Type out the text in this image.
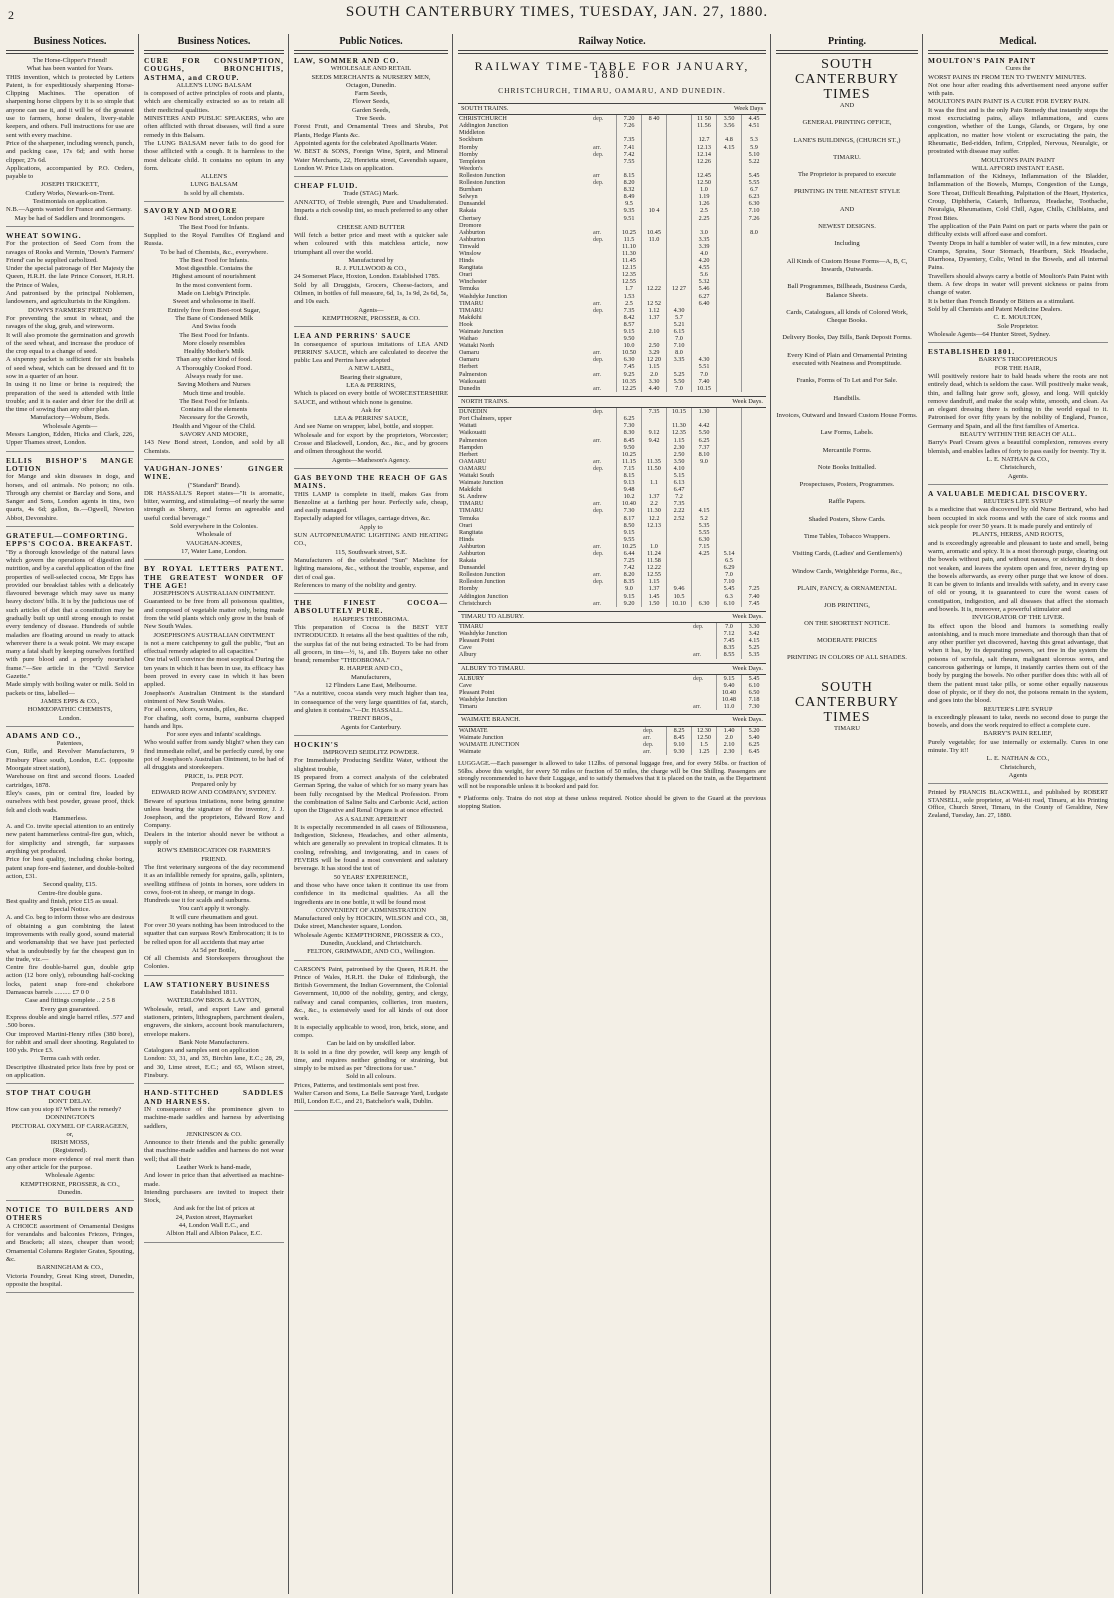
2	SOUTH CANTERBURY TIMES, TUESDAY, JAN. 27, 1880.
Business Notices.

The Horse-Clipper's Friend!

What has been wanted for Years.

THIS invention, which is protected by Letters Patent, is for expeditiously sharpening Horse-Clipping Machines. The operation of sharpening horse clippers by it is so simple that anyone can use it, and it will be of the greatest use to farmers, horse dealers, livery-stable keepers, and others. Full instructions for use are sent with every machine.

Price of the sharpener, including wrench, punch, and packing case, 17s 6d; and with horse clipper, 27s 6d.

Applications, accompanied by P.O. Orders, payable to

JOSEPH TRICKETT,

Cutlery Works, Newark-on-Trent.

Testimonials on application.

N.B.—Agents wanted for France and Germany.

May be had of Saddlers and Ironmongers.

WHEAT SOWING.

For the protection of Seed Corn from the ravages of Rooks and Vermin, 'Down's Farmers' Friend' can be supplied carbolized.

Under the special patronage of Her Majesty the Queen, H.R.H. the late Prince Consort, H.R.H. the Prince of Wales,

And patronised by the principal Noblemen, landowners, and agriculturists in the Kingdom.

DOWN'S FARMERS' FRIEND

For preventing the smut in wheat, and the ravages of the slug, grub, and wireworm.

It will also promote the germination and growth of the seed wheat, and increase the produce of the crop equal to a change of seed.

A sixpenny packet is sufficient for six bushels of seed wheat, which can be dressed and fit to sow in a quarter of an hour.

In using it no lime or brine is required; the preparation of the seed is attended with little trouble; and it is easier and drier for the drill at the time of sowing than any other plan.

Manufactory—Wobum, Beds.

Wholesale Agents—

Messrs Langton, Edden, Hicks and Clark, 226, Upper Thames street, London.

ELLIS BISHOP'S MANGE LOTION

for Mange and skin diseases in dogs, and horses, and oil animals. No poison; no oils. Through any chemist or Barclay and Sons, and Sanger and Sons, London agents in tins, two quarts, 4s 6d; gallon, 8s.—Ogwell, Newton Abbot, Devonshire.

GRATEFUL—COMFORTING. EPPS'S COCOA. BREAKFAST.

"By a thorough knowledge of the natural laws which govern the operations of digestion and nutrition, and by a careful application of the fine properties of well-selected cocoa, Mr Epps has provided our breakfast tables with a delicately flavoured beverage which may save us many heavy doctors' bills. It is by the judicious use of such articles of diet that a constitution may be gradually built up until strong enough to resist every tendency of disease. Hundreds of subtle maladies are floating around us ready to attack wherever there is a weak point. We may escape many a fatal shaft by keeping ourselves fortified with pure blood and a properly nourished frame."—See article in the "Civil Service Gazette."

Made simply with boiling water or milk. Sold in packets or tins, labelled—

JAMES EPPS & CO.,

HOMŒOPATHIC CHEMISTS,

London.

ADAMS AND CO.,

Patentees,

Gun, Rifle, and Revolver Manufacturers, 9 Finsbury Place south, London, E.C. (opposite Moorgate street station),

Warehouse on first and second floors. Loaded cartridges, 1878.

Eley's cases, pin or central fire, loaded by ourselves with best powder, grease proof, thick felt and cloth wads.

Hammerless.

A. and Co. invite special attention to an entirely new patent hammerless central-fire gun, which, for simplicity and strength, far surpasses anything yet produced.

Price for best quality, including choke boring, patent snap fore-end fastener, and double-bolted action, £31.

Second quality, £15.

Centre-fire double guns.

Best quality and finish, price £15 as usual.

Special Notice.

A. and Co. beg to inform those who are desirous of obtaining a gun combining the latest improvements with really good, sound material and workmanship that we have just perfected what is undoubtedly by far the cheapest gun in the trade, viz.—

Centre fire double-barrel gun, double grip action (12 bore only), rebounding half-cocking locks, patent snap fore-end chokebore Damascus barrels .......... £7 0 0

Case and fittings complete .. 2 5 8

Every gun guaranteed.

Express double and single barrel rifles, .577 and .500 bores.

Our improved Martini-Henry rifles (380 bore), for rabbit and small deer shooting. Regulated to 100 yds. Price £3.

Terms cash with order.

Descriptive illustrated price lists free by post or on application.

STOP THAT COUGH

DON'T DELAY.

How can you stop it? Where is the remedy?

DONNINGTON'S

PECTORAL OXYMEL OF CARRAGEEN,

or,

IRISH MOSS,

(Registered).

Can produce more evidence of real merit than any other article for the purpose.

Wholesale Agents:

KEMPTHORNE, PROSSER, & CO.,

Dunedin.

NOTICE TO BUILDERS AND OTHERS

A CHOICE assortment of Ornamental Designs for verandahs and balconies Friezes, Fringes, and Brackets; all sizes, cheaper than wood; Ornamental Columns Register Grates, Spouting, &c.

BARNINGHAM & CO.,

Victoria Foundry, Great King street, Dunedin, opposite the hospital.

Business Notices.

CURE FOR CONSUMPTION, COUGHS, BRONCHITIS, ASTHMA, and CROUP.

ALLEN'S LUNG BALSAM

is composed of active principles of roots and plants, which are chemically extracted so as to retain all their medicinal qualities.

MINISTERS AND PUBLIC SPEAKERS, who are often afflicted with throat diseases, will find a sure remedy in this Balsam.

The LUNG BALSAM never fails to do good for those afflicted with a cough. It is harmless to the most delicate child. It contains no opium in any form.

ALLEN'S

LUNG BALSAM

Is sold by all chemists.

SAVORY AND MOORE

143 New Bond street, London prepare

The Best Food for Infants.

Supplied to the Royal Families Of England and Russia.

To be had of Chemists, &c., everywhere.

The Best Food for Infants.

Most digestible. Contains the

Highest amount of nourishment

In the most convenient form.

Made on Liebig's Principle.

Sweet and wholesome in itself.

Entirely free from Beet-root Sugar,

The Bane of Condensed Milk

And Swiss foods

The Best Food for Infants.

More closely resembles

Healthy Mother's Milk

Than any other kind of food.

A Thoroughly Cooked Food.

Always ready for use.

Saving Mothers and Nurses

Much time and trouble.

The Best Food for Infants.

Contains all the elements

Necessary for the Growth,

Health and Vigour of the Child.

SAVORY AND MOORE,

143 New Bond street, London, and sold by all Chemists.

VAUGHAN-JONES' GINGER WINE.

("Standard" Brand).

DR HASSALL'S Report states—"It is aromatic, bitter, warming, and stimulating—of nearly the same strength as Sherry, and forms an agreeable and useful cordial beverage."

Sold everywhere in the Colonies.

Wholesale of

VAUGHAN-JONES,

17, Water Lane, London.

BY ROYAL LETTERS PATENT. THE GREATEST WONDER OF THE AGE!

JOSEPHSON'S AUSTRALIAN OINTMENT.

Guaranteed to be free from all poisonous qualities, and composed of vegetable matter only, being made from the wild plants which only grow in the bush of New South Wales.

JOSEPHSON'S AUSTRALIAN OINTMENT

is not a mere catchpenny to gull the public, "but an effectual remedy adapted to all capacities."

One trial will convince the most sceptical During the ten years in which it has been in use, its efficacy has been proved in every case in which it has been applied.

Josephson's Australian Ointment is the standard ointment of New South Wales.

For all sores, ulcers, wounds, piles, &c.

For chafing, soft corns, burns, sunburns chapped hands and lips.

For sore eyes and infants' scaldings.

Who would suffer from sandy blight? when they can find immediate relief, and be perfectly cured, by one pot of Josephson's Australian Ointment, to be had of all druggists and storekeepers.

PRICE, 1s. PER POT.

Prepared only by

EDWARD ROW AND COMPANY, SYDNEY.

Beware of spurious imitations, none being genuine unless bearing the signature of the inventor, J. J. Josephson, and the proprietors, Edward Row and Company.

Dealers in the interior should never be without a supply of

ROW'S EMBROCATION OR FARMER'S FRIEND.

The first veterinary surgeons of the day recommend it as an infallible remedy for sprains, galls, splinters, swelling stiffness of joints in horses, sore udders in cows, foot-rot in sheep, or mange in dogs.

Hundreds use it for scalds and sunburns.

You can't apply it wrongly.

It will cure rheumatism and gout.

For over 30 years nothing has been introduced to the squatter that can surpass Row's Embrocation; it is to be relied upon for all accidents that may arise

At 5d per Bottle,

Of all Chemists and Storekeepers throughout the Colonies.

LAW STATIONERY BUSINESS

Established 1811.

WATERLOW BROS. & LAYTON,

Wholesale, retail, and export Law and general stationers, printers, lithographers, parchment dealers, engravers, die sinkers, account book manufacturers, envelope makers.

Bank Note Manufacturers.

Catalogues and samples sent on application

London: 33, 31, and 35, Birchin lane, E.C.; 28, 29, and 30, Lime street, E.C.; and 65, Wilson street, Finsbury.

HAND-STITCHED SADDLES AND HARNESS.

IN consequence of the prominence given to machine-made saddles and harness by advertising saddlers,

JENKINSON & CO.

Announce to their friends and the public generally that machine-made saddles and harness do not wear well; that all their

Leather Work is hand-made,

And lower in price than that advertised as machine-made.

Intending purchasers are invited to inspect their Stock,

And ask for the list of prices at

24, Paxton street, Haymarket

44, London Wall E.C., and

Albion Hall and Albion Palace, E.C.

Public Notices.

LAW, SOMMER AND CO.

WHOLESALE AND RETAIL

SEEDS MERCHANTS & NURSERY MEN,

Octagon, Dunedin.

Farm Seeds,

Flower Seeds,

Garden Seeds,

Tree Seeds.

Forest Fruit, and Ornamental Trees and Shrubs, Pot Plants, Hedge Plants &c.

Appointed agents for the celebrated Apollinaris Water.

W. BEST & SONS, Foreign Wine, Spirit, and Mineral Water Merchants, 22, Henrietta street, Cavendish square, London W. Price Lists on application.

CHEAP FLUID.

Trade (STAG) Mark.

ANNATTO, of Treble strength, Pure and Unadulterated. Imparts a rich cowslip tint, so much preferred to any other fluid.

CHEESE AND BUTTER

Will fetch a better price and meet with a quicker sale when coloured with this matchless article, now triumphant all over the world.

Manufactured by

R. J. FULLWOOD & CO.,

24 Somerset Place, Hoxton, London. Established 1785.

Sold by all Druggists, Grocers, Cheese-factors, and Oilmen, in bottles of full measure, 6d, 1s, 1s 9d, 2s 6d, 5s, and 10s each.

Agents—

KEMPTHORNE, PROSSER, & CO.

LEA AND PERRINS' SAUCE

In consequence of spurious imitations of LEA AND PERRINS' SAUCE, which are calculated to deceive the public Lea and Perrins have adopted

A NEW LABEL,

Bearing their signature,

LEA & PERRINS,

Which is placed on every bottle of WORCESTERSHIRE SAUCE, and without which none is genuine.

Ask for

LEA & PERRINS' SAUCE,

And see Name on wrapper, label, bottle, and stopper.

Wholesale and for export by the proprietors, Worcester; Crosse and Blackwell, London, &c., &c., and by grocers and oilmen throughout the world.

Agents—Matheson's Agency.

GAS BEYOND THE REACH OF GAS MAINS.

THIS LAMP is complete in itself, makes Gas from Benzoline at a farthing per hour. Perfectly safe, cheap, and easily managed.

Especially adapted for villages, carriage drives, &c.

Apply to

SUN AUTOPNEUMATIC LIGHTING AND HEATING CO.,

115, Southwark street, S.E.

Manufacturers of the celebrated "Sun" Machine for lighting mansions, &c., without the trouble, expense, and dirt of coal gas.

References to many of the nobility and gentry.

THE FINEST COCOA—ABSOLUTELY PURE.

HARPER'S THEOBROMA.

This preparation of Cocoa is the BEST YET INTRODUCED. It retains all the best qualities of the nib, the surplus fat of the nut being extracted. To be had from all grocers, in tins—½, ¼, and 1lb. Buyers take no other brand; remember "THEOBROMA."

R. HARPER AND CO.,

Manufacturers,

12 Flinders Lane East, Melbourne.

"As a nutritive, cocoa stands very much higher than tea, in consequence of the very large quantities of fat, starch, and gluten it contains."—Dr. HASSALL.

TRENT BROS.,

Agents for Canterbury.

HOCKIN'S

IMPROVED SEIDLITZ POWDER.

For Immediately Producing Seidlitz Water, without the slightest trouble,

IS prepared from a correct analysis of the celebrated German Spring, the value of which for so many years has been fully recognised by the Medical Profession. From the combination of Saline Salts and Carbonic Acid, action upon the Digestive and Renal Organs is at once effected.

AS A SALINE APERIENT

It is especially recommended in all cases of Biliousness, Indigestion, Sickness, Headaches, and other ailments, which are generally so prevalent in tropical climates. It is cooling, refreshing, and invigorating, and in cases of FEVERS will be found a most convenient and salutary beverage. It has stood the test of

50 YEARS' EXPERIENCE,

and those who have once taken it continue its use from confidence in its medicinal qualities. As all the ingredients are in one bottle, it will be found most

CONVENIENT OF ADMINISTRATION

Manufactured only by HOCKIN, WILSON and CO., 38, Duke street, Manchester square, London.

Wholesale Agents: KEMPTHORNE, PROSSER & CO.,

Dunedin, Auckland, and Christchurch.

FELTON, GRIMWADE, AND CO., Wellington.

CARSON'S Paint, patronised by the Queen, H.R.H. the Prince of Wales, H.R.H. the Duke of Edinburgh, the British Government, the Indian Government, the Colonial Government, 10,000 of the nobility, gentry, and clergy, railway and canal companies, collieries, iron masters, &c., &c., is extensively used for all kinds of out door work.

It is especially applicable to wood, iron, brick, stone, and compo.

Can be laid on by unskilled labor.

It is sold in a fine dry powder, will keep any length of time, and requires neither grinding or straining, but simply to be mixed as per "directions for use."

Sold in all colours.

Prices, Patterns, and testimonials sent post free.

Walter Carson and Sons, La Belle Sauvage Yard, Ludgate Hill, London E.C., and 21, Batchelor's walk, Dublin.

Railway Notice.
RAILWAY TIME-TABLE FOR JANUARY, 1880.
CHRISTCHURCH, TIMARU, OAMARU, AND DUNEDIN.
SOUTH TRAINS.	Week Days
CHRISTCHURCH	dep.	7.20	8 40		11 50	3.50	4.45
Addington Junction		7.26			11.56	3.56	4.51
Middleton							
Sockburn		7.35			12.7	4.8	5.3
Hornby	arr.	7.41			12.13	4.15	5.9
Hornby	dep.	7.42			12.14		5.10
Templeton		7.55			12.26		5.22
Weedon's							
Rolleston Junction	arr	8.15			12.45		5.45
Rolleston Junction	dep.	8.20			12.50		5.55
Burnham		8.32			1.0		6.7
Selwyn		8.49			1.19		6.23
Dunsandel		9.5			1.26		6.30
Rakaia		9.35	10 4		2.5		7.10
Chertsey		9.51			2.25		7.26
Dromore							
Ashburton	arr.	10.25	10.45		3.0		8.0
Ashburton	dep.	11.5	11.0		3.35		
Tinwald		11.10			3.39		
Winslow		11.30			4.0		
Hinds		11.45			4.20		
Rangitata		12.15			4.55		
Orari		12.35			5.6		
Winchester		12.55			5.32		
Temuka		1.7	12.22	12 27	5.46		
Washdyke Junction		1.53			6.27		
TIMARU	arr.	2.5	12 52		6.40		
TIMARU	dep.	7.35	1.12	4.30			
Makikihi		8.42	1.37	5.7			
Hook		8.57		5.21			
Waimate Junction		9.15	2.10	6.15			
Waihao		9.50		7.0			
Waitaki North		10.0	2.50	7.10			
Oamaru	arr.	10.50	3.29	8.0			
Oamaru	dep.	6.30	12 20	3.35	4.30		
Herbert		7.45	1.15		5.51		
Palmerston	arr.	9.25	2.0	5.25	7.0		
Waikouaiti		10.35	3.30	5.50	7.40		
Dunedin	arr.	12.25	4.40	7.0	10.15		
NORTH TRAINS.	Week Days.
DUNEDIN	dep.		7.35	10.15	1.30		
Port Chalmers, upper		6.25					
Waitati		7.30		11.30	4.42		
Waikouaiti		8.30	9.12	12.35	5.50		
Palmerston	arr.	8.45	9.42	1.15	6.25		
Hampden		9.50		2.30	7.37		
Herbert		10.25		2.50	8.10		
OAMARU	arr.	11.15	11.35	3.50	9.0		
OAMARU	dep.	7.15	11.50	4.10			
Waitaki South		8.15		5.15			
Waimate Junction		9.13	1.1	6.13			
Makikihi		9.48		6.47			
St. Andrew		10.2	1.37	7.2			
TIMARU	arr.	10.40	2.2	7.35			
TIMARU	dep.	7.30	11.30	2.22	4.15		
Temuka		8.17	12.2	2.52	5.2		
Orari		8.50	12.13		5.35		
Rangitata		9.15			5.55		
Hinds		9.55			6.30		
Ashburton	arr.	10.25	1.0		7.15		
Ashburton	dep.	6.44	11.24		4.25	5.14	
Rakaia		7.25	11.58			6.5	
Dunsandel		7.42	12.22			6.29	
Rolleston Junction	arr.	8.20	12.55			7.0	
Rolleston Junction	dep.	8.35	1.15			7.10	
Hornby		9.0	1.37	9.46		5.45	7.25
Addington Junction		9.15	1.45	10.5		6.3	7.40
Christchurch	arr.	9.20	1.50	10.10	6.30	6.10	7.45
TIMARU TO ALBURY.	Week Days.
TIMARU	dep.	7.0	3.30
Washdyke Junction		7.12	3.42
Pleasant Point		7.45	4.15
Cave		8.35	5.25
Albury	arr.	8.55	5.35
ALBURY TO TIMARU.	Week Days.
ALBURY	dep.	9.15	5.45
Cave		9.40	6.10
Pleasant Point		10.40	6.50
Washdyke Junction		10.48	7.18
Timaru	arr.	11.0	7.30
WAIMATE BRANCH.	Week Days.
WAIMATE	dep.	8.25	12.30	1.40	5.20
Waimate Junction	arr.	8.45	12.50	2.0	5.40
WAIMATE JUNCTION	dep.	9.10	1.5	2.10	6.25
Waimate	arr.	9.30	1.25	2.30	6.45
LUGGAGE.—Each passenger is allowed to take 112lbs. of personal luggage free, and for every 56lbs. or fraction of 56lbs. above this weight, for every 50 miles or fraction of 50 miles, the charge will be One Shilling. Passengers are strongly recommended to have their Luggage, and to satisfy themselves that it is placed on the train, as the Department will not be responsible unless it is booked and paid for.
* Platforms only. Trains do not stop at these unless required. Notice should be given to the Guard at the previous stopping Station.
Printing.

SOUTH CANTERBURY TIMES

AND

GENERAL PRINTING OFFICE,

LANE'S BUILDINGS, (CHURCH ST.,)

TIMARU.

The Proprietor is prepared to execute

PRINTING IN THE NEATEST STYLE

AND

NEWEST DESIGNS.

Including

All Kinds of Custom House Forms—A, B, C, Inwards, Outwards.

Ball Programmes, Billheads, Business Cards, Balance Sheets.

Cards, Catalogues, all kinds of Colored Work, Cheque Books.

Delivery Books, Day Bills, Bank Deposit Forms.

Every Kind of Plain and Ornamental Printing executed with Neatness and Promptitude.

Franks, Forms of To Let and For Sale.

Handbills.

Invoices, Outward and Inward Custom House Forms.

Law Forms, Labels.

Mercantile Forms.

Note Books Initialled.

Prospectuses, Posters, Programmes.

Raffle Papers.

Shaded Posters, Show Cards.

Time Tables, Tobacco Wrappers.

Visiting Cards, (Ladies' and Gentlemen's)

Window Cards, Weighbridge Forms, &c.,

PLAIN, FANCY, & ORNAMENTAL

JOB PRINTING,

ON THE SHORTEST NOTICE.

MODERATE PRICES

PRINTING IN COLORS OF ALL SHADES.

SOUTH CANTERBURY TIMES

TIMARU

Medical.

MOULTON'S PAIN PAINT

Cures the

WORST PAINS IN FROM TEN TO TWENTY MINUTES.

Not one hour after reading this advertisement need anyone suffer with pain.

MOULTON'S PAIN PAINT IS A CURE FOR EVERY PAIN.

It was the first and is the only Pain Remedy that instantly stops the most excruciating pains, allays inflammations, and cures congestion, whether of the Lungs, Glands, or Organs, by one application, no matter how violent or excruciating the pain, the Rheumatic, Bed-ridden, Infirm, Crippled, Nervous, Neuralgic, or prostrated with disease may suffer.

MOULTON'S PAIN PAINT

WILL AFFORD INSTANT EASE.

Inflammation of the Kidneys, Inflammation of the Bladder, Inflammation of the Bowels, Mumps, Congestion of the Lungs, Sore Throat, Difficult Breathing, Palpitation of the Heart, Hysterics, Croup, Diphtheria, Catarrh, Influenza, Headache, Toothache, Neuralgia, Rheumatism, Cold Chill, Ague, Chills, Chilblains, and Frost Bites.

The application of the Pain Paint on part or parts where the pain or difficulty exists will afford ease and comfort.

Twenty Drops in half a tumbler of water will, in a few minutes, cure Cramps, Sprains, Sour Stomach, Heartburn, Sick Headache, Diarrhoea, Dysentery, Colic, Wind in the Bowels, and all internal Pains.

Travellers should always carry a bottle of Moulton's Pain Paint with them. A few drops in water will prevent sickness or pains from change of water.

It is better than French Brandy or Bitters as a stimulant.

Sold by all Chemists and Patent Medicine Dealers.

C. E. MOULTON,

Sole Proprietor.

Wholesale Agents—64 Hunter Street, Sydney.

ESTABLISHED 1801.

BARRY'S TRICOPHEROUS

FOR THE HAIR,

Will positively restore hair to bald heads where the roots are not entirely dead, which is seldom the case. Will positively make weak, thin, and falling hair grow soft, glossy, and long. Will quickly remove dandruff, and make the scalp white, smooth, and clean. As an elegant dressing there is nothing in the world equal to it. Patronised for over fifty years by the nobility of England, France, Germany and Spain, and all the first families of America.

BEAUTY WITHIN THE REACH OF ALL.

Barry's Pearl Cream gives a beautiful complexion, removes every blemish, and enables ladies of forty to pass easily for twenty. Try it.

L. E. NATHAN & CO.,

Christchurch,

Agents.

A VALUABLE MEDICAL DISCOVERY.

REUTER'S LIFE SYRUP

Is a medicine that was discovered by old Nurse Bertrand, who had been occupied in sick rooms and with the care of sick rooms and sick people for over 50 years. It is made purely and entirely of

PLANTS, HERBS, AND ROOTS,

and is exceedingly agreeable and pleasant to taste and smell, being warm, aromatic and spicy. It is a most thorough purge, clearing out the bowels without pain, and without nausea, or sickening. It does not weaken, and leaves the system open and free, never drying up the bowels afterwards, as every other purge that we know of does. It can be given to infants and invalids with safety, and in every case of old or young, it is guaranteed to cure the worst cases of constipation, indigestion, and all diseases that affect the stomach and bowels. It is, moreover, a powerful stimulator and

INVIGORATOR OF THE LIVER.

Its effect upon the blood and humors is something really astonishing, and is much more immediate and thorough than that of any other purifier yet discovered, having this great advantage, that when it has, by its depurating powers, set free in the system the poisons of scrofula, salt rheum, malignant ulcerous sores, and cancerous gatherings or lumps, it instantly carries them out of the body by purging the bowels. No other purifier does this: with all of them the patient must take pills, or some other equally nauseous dose of physic, or if they do not, the poisons remain in the system, and goes into the blood.

REUTER'S LIFE SYRUP

is exceedingly pleasant to take, needs no second dose to purge the bowels, and does the work required to effect a complete cure.

BARRY'S PAIN RELIEF,

Purely vegetable; for use internally or externally. Cures in one minute. Try it!!

L. E. NATHAN & CO.,

Christchurch,

Agents

Printed by FRANCIS BLACKWELL, and published by ROBERT STANSELL, sole proprietor, at Wai-iti road, Timaru, at his Printing Office, Church Street, Timaru, in the County of Geraldine, New Zealand, Tuesday, Jan. 27, 1880.
